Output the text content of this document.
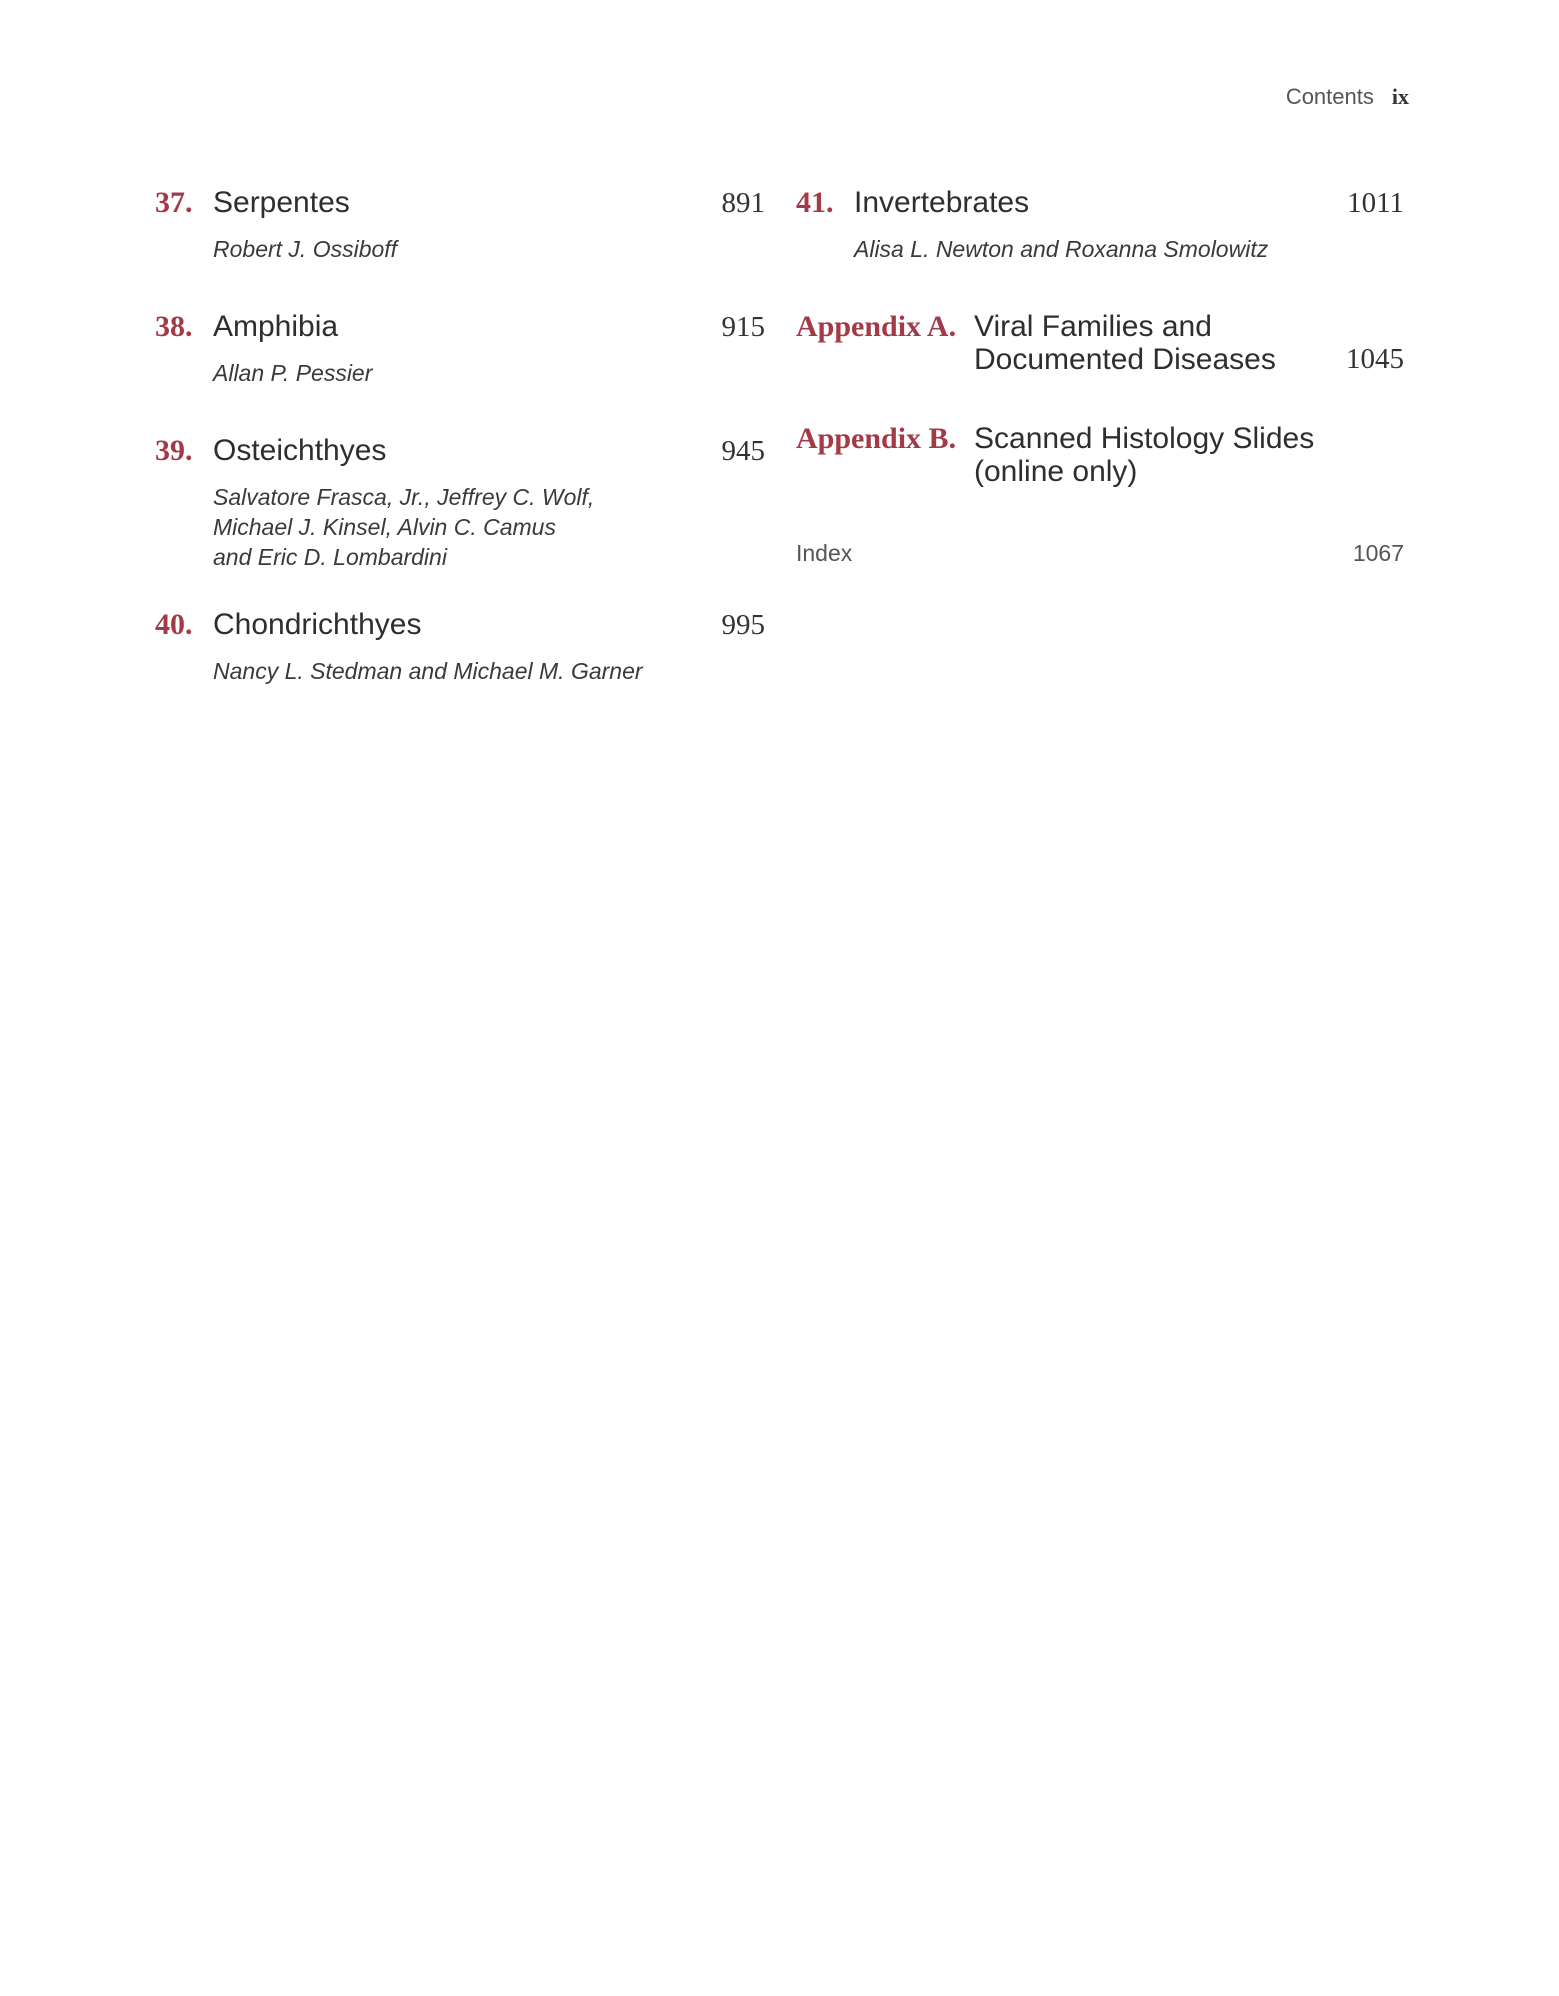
Contents ix
37. Serpentes	891
Robert J. Ossiboff
38. Amphibia	915
Allan P. Pessier
39. Osteichthyes	945
Salvatore Frasca, Jr., Jeffrey C. Wolf,
Michael J. Kinsel, Alvin C. Camus
and Eric D. Lombardini
40. Chondrichthyes	995
Nancy L. Stedman and Michael M. Garner
41. Invertebrates	1011
Alisa L. Newton and Roxanna Smolowitz
Appendix A. Viral Families and
Documented Diseases	1045
Appendix B. Scanned Histology Slides
(online only)
Index	1067
